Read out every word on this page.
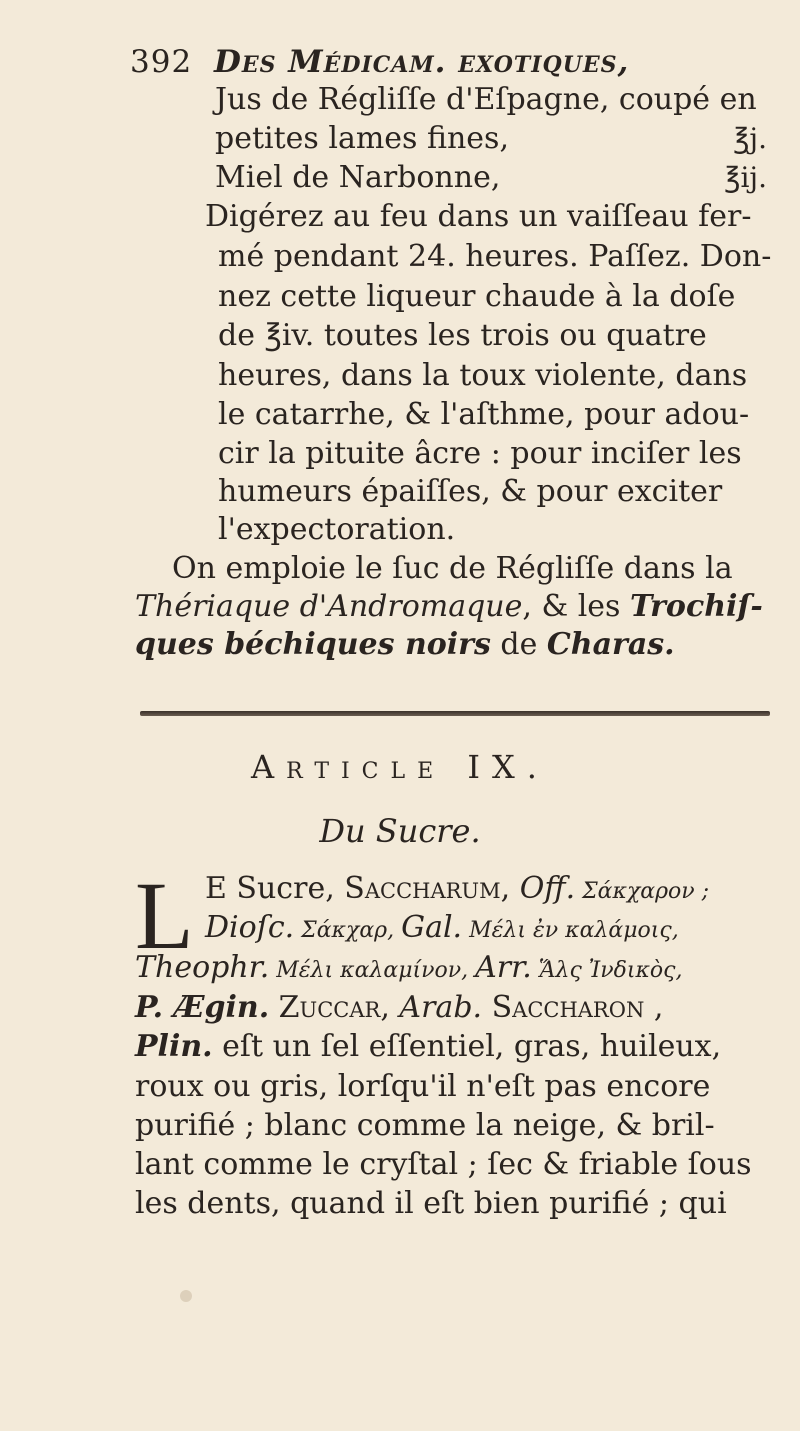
392 Des Médicam. exotiques,
Jus de Régliſſe d'Eſpagne, coupé en
petites lames fines,	℥j.
Miel de Narbonne,	℥ij.
Digérez au feu dans un vaiſſeau fer-
mé pendant 24. heures. Paſſez. Don-
nez cette liqueur chaude à la doſe
de ℥iv. toutes les trois ou quatre
heures, dans la toux violente, dans
le catarrhe, & l'aſthme, pour adou-
cir la pituite âcre : pour inciſer les
humeurs épaiſſes, & pour exciter
l'expectoration.
On emploie le ſuc de Régliſſe dans la
Thériaque d'Andromaque, & les Trochiſ-
ques béchiques noirs de Charas.
Article IX.
Du Sucre.
L E Sucre, Saccharum, Off. Σάκχαρον ;
Dioſc. Σάκχαρ, Gal. Μέλι ἐν καλάμοις,
Theophr. Μέλι καλαμίνον, Arr. Ἅλς Ἰνδικὸς,
P. Ægin. Zuccar, Arab. Saccharon ,
Plin. eſt un ſel eſſentiel, gras, huileux,
roux ou gris, lorſqu'il n'eſt pas encore
purifié ; blanc comme la neige, & bril-
lant comme le cryſtal ; ſec & friable ſous
les dents, quand il eſt bien purifié ; qui
